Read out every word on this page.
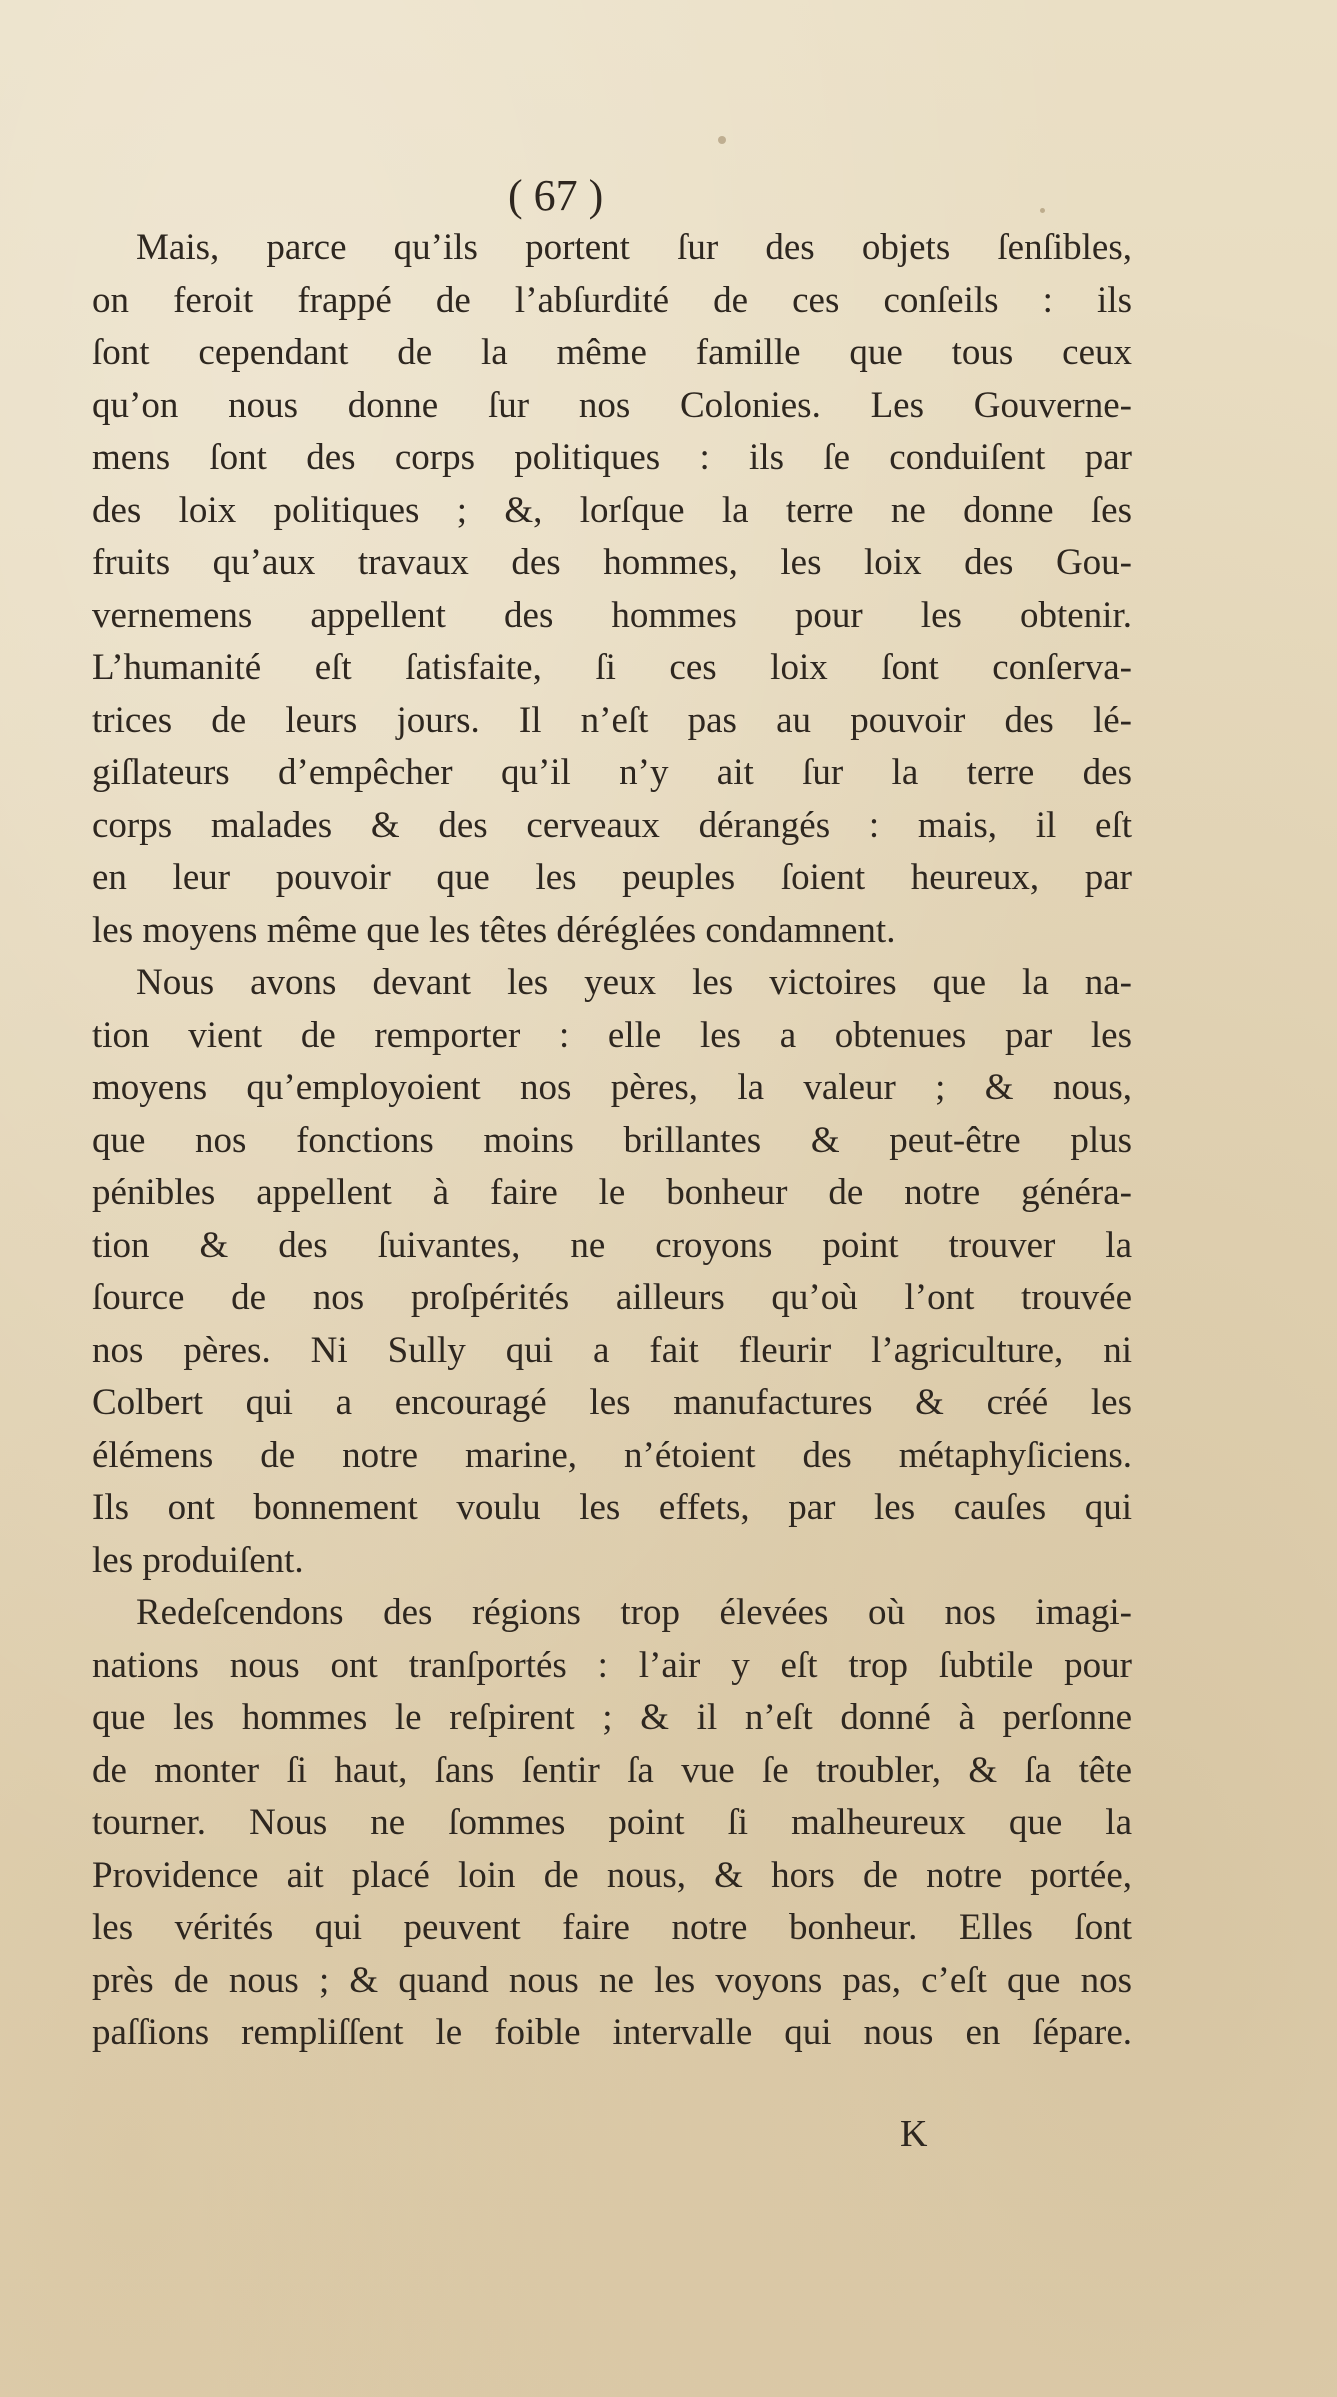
( 67 )
Mais, parce qu’ils portent ſur des objets ſenſibles,
on feroit frappé de l’abſurdité de ces conſeils : ils
ſont cependant de la même famille que tous ceux
qu’on nous donne ſur nos Colonies. Les Gouverne-
mens ſont des corps politiques : ils ſe conduiſent par
des loix politiques ; &, lorſque la terre ne donne ſes
fruits qu’aux travaux des hommes, les loix des Gou-
vernemens appellent des hommes pour les obtenir.
L’humanité eſt ſatisfaite, ſi ces loix ſont conſerva-
trices de leurs jours. Il n’eſt pas au pouvoir des lé-
giſlateurs d’empêcher qu’il n’y ait ſur la terre des
corps malades & des cerveaux dérangés : mais, il eſt
en leur pouvoir que les peuples ſoient heureux, par
les moyens même que les têtes déréglées condamnent.
Nous avons devant les yeux les victoires que la na-
tion vient de remporter : elle les a obtenues par les
moyens qu’employoient nos pères, la valeur ; & nous,
que nos fonctions moins brillantes & peut-être plus
pénibles appellent à faire le bonheur de notre généra-
tion & des ſuivantes, ne croyons point trouver la
ſource de nos proſpérités ailleurs qu’où l’ont trouvée
nos pères. Ni Sully qui a fait fleurir l’agriculture, ni
Colbert qui a encouragé les manufactures & créé les
élémens de notre marine, n’étoient des métaphyſiciens.
Ils ont bonnement voulu les effets, par les cauſes qui
les produiſent.
Redeſcendons des régions trop élevées où nos imagi-
nations nous ont tranſportés : l’air y eſt trop ſubtile pour
que les hommes le reſpirent ; & il n’eſt donné à perſonne
de monter ſi haut, ſans ſentir ſa vue ſe troubler, & ſa tête
tourner. Nous ne ſommes point ſi malheureux que la
Providence ait placé loin de nous, & hors de notre portée,
les vérités qui peuvent faire notre bonheur. Elles ſont
près de nous ; & quand nous ne les voyons pas, c’eſt que nos
paſſions rempliſſent le foible intervalle qui nous en ſépare.
K
